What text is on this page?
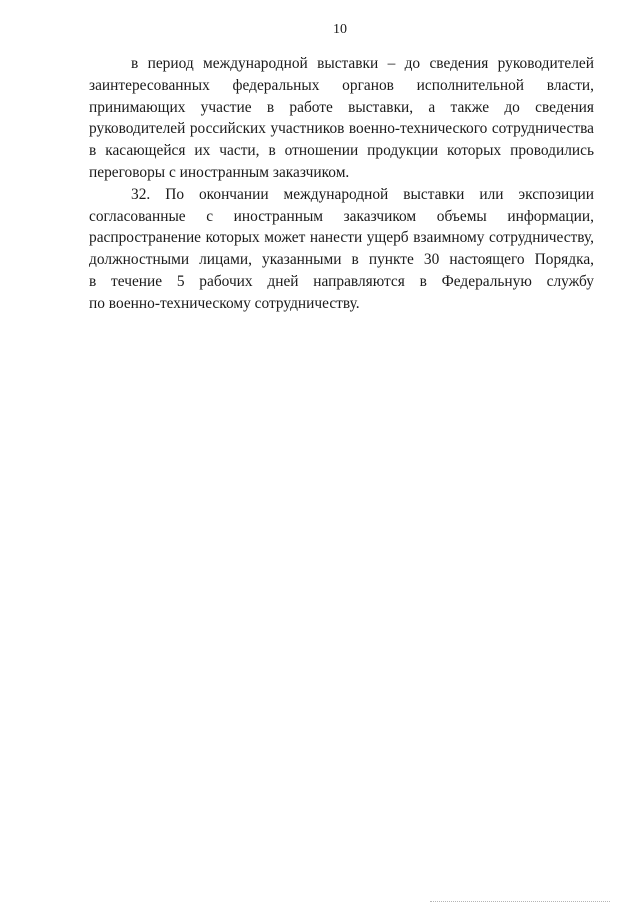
10

в период международной выставки – до сведения руководителей
заинтересованных федеральных органов исполнительной власти,
принимающих участие в работе выставки, а также до сведения
руководителей российских участников военно-технического сотрудничества
в касающейся их части, в отношении продукции которых проводились
переговоры с иностранным заказчиком.

32. По окончании международной выставки или экспозиции
согласованные с иностранным заказчиком объемы информации,
распространение которых может нанести ущерб взаимному сотрудничеству,
должностными лицами, указанными в пункте 30 настоящего Порядка,
в течение 5 рабочих дней направляются в Федеральную службу
по военно-техническому сотрудничеству.
